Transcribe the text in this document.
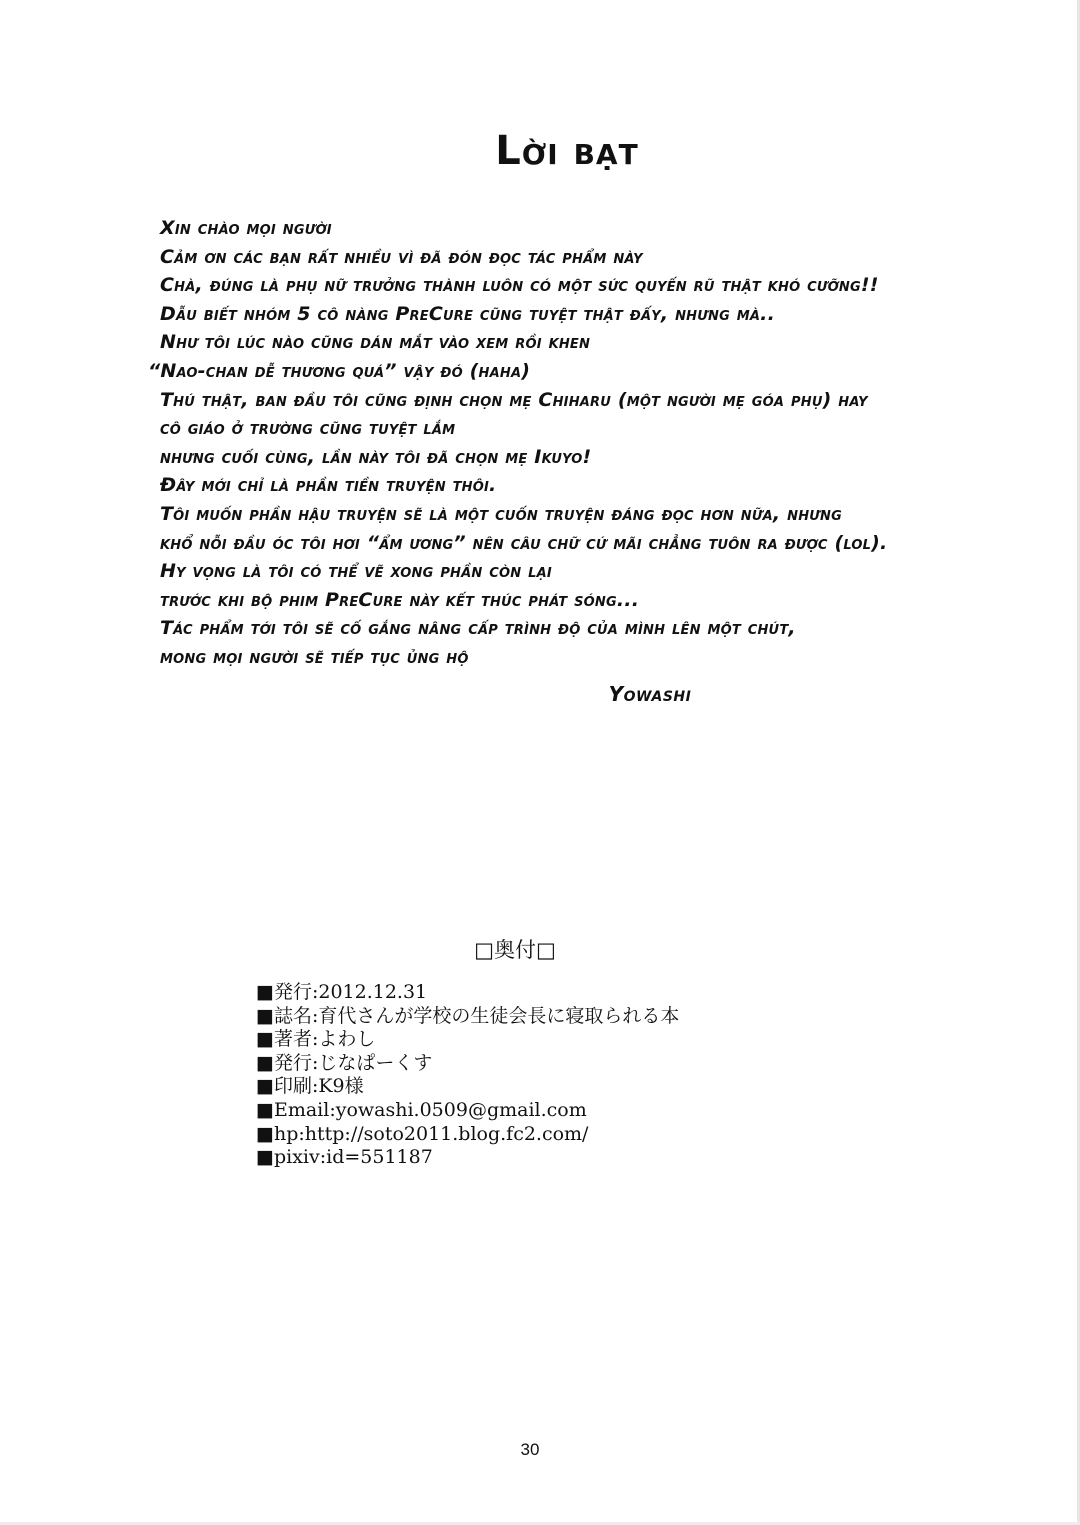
Lời bạt
Xin chào mọi người
Cảm ơn các bạn rất nhiều vì đã đón đọc tác phẩm này
Chà, đúng là phụ nữ trưởng thành luôn có một sức quyến rũ thật khó cưỡng!!
Dẫu biết nhóm 5 cô nàng PreCure cũng tuyệt thật đấy, nhưng mà..
Như tôi lúc nào cũng dán mắt vào xem rồi khen
“Nao-chan dễ thương quá” vậy đó (haha)
Thú thật, ban đầu tôi cũng định chọn mẹ Chiharu (một người mẹ góa phụ) hay
cô giáo ở trường cũng tuyệt lắm
nhưng cuối cùng, lần này tôi đã chọn mẹ Ikuyo!
Đây mới chỉ là phần tiền truyện thôi.
Tôi muốn phần hậu truyện sẽ là một cuốn truyện đáng đọc hơn nữa, nhưng
khổ nỗi đầu óc tôi hơi “ẩm ương” nên câu chữ cứ mãi chẳng tuôn ra được (lol).
Hy vọng là tôi có thể vẽ xong phần còn lại
trước khi bộ phim PreCure này kết thúc phát sóng...
Tác phẩm tới tôi sẽ cố gắng nâng cấp trình độ của mình lên một chút,
mong mọi người sẽ tiếp tục ủng hộ
Yowashi
□奥付□
■発行:2012.12.31
■誌名:育代さんが学校の生徒会長に寝取られる本
■著者:よわし
■発行:じなぱーくす
■印刷:K9様
■Email:yowashi.0509@gmail.com
■hp:http://soto2011.blog.fc2.com/
■pixiv:id=551187
30
